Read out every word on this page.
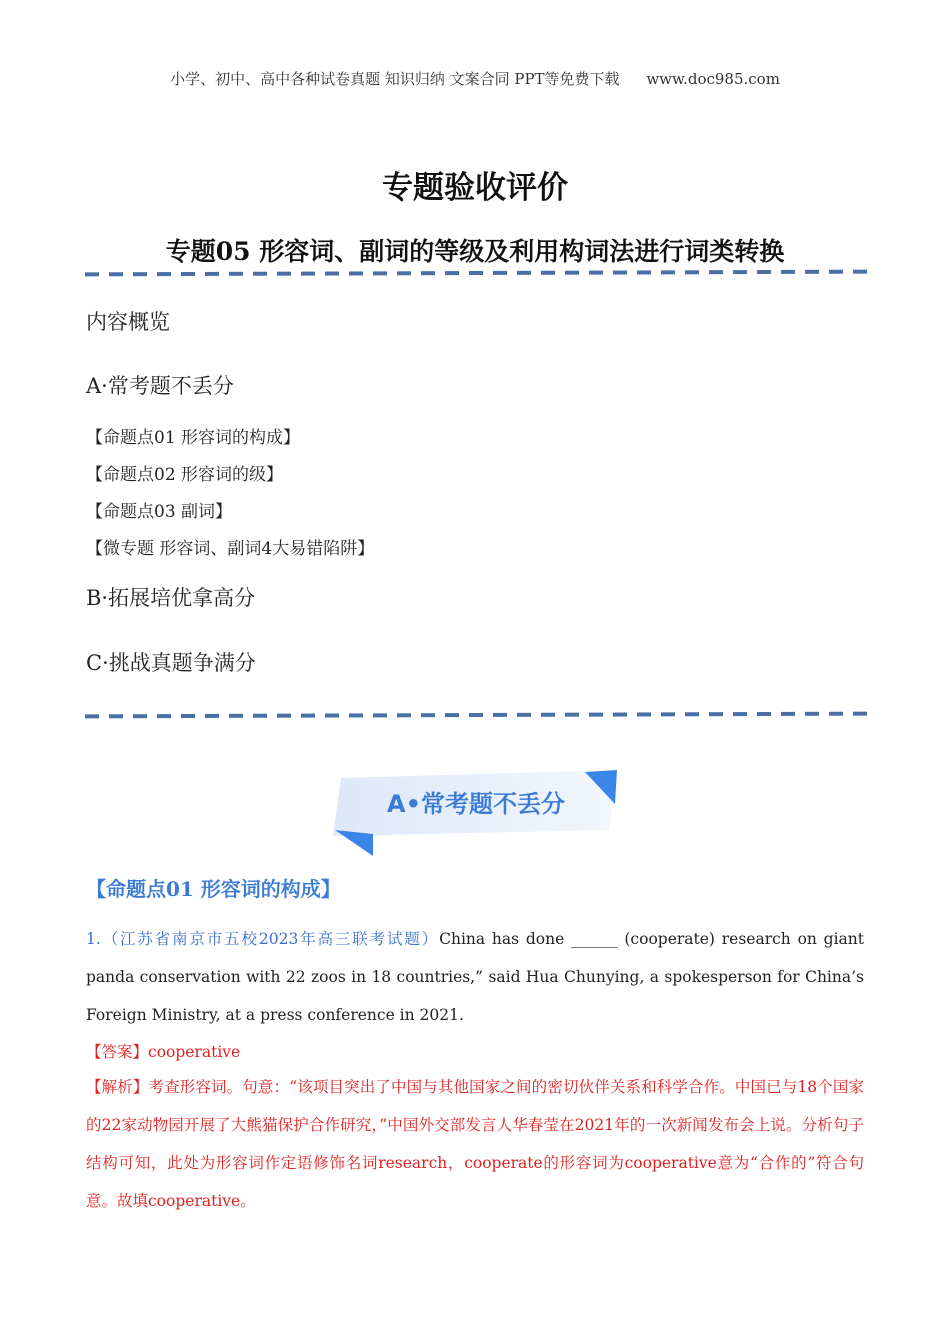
小学、初中、高中各种试卷真题 知识归纳 文案合同 PPT等免费下载 www.doc985.com
专题验收评价
专题05 形容词、副词的等级及利用构词法进行词类转换
内容概览
A·常考题不丢分
【命题点01 形容词的构成】
【命题点02 形容词的级】
【命题点03 副词】
【微专题 形容词、副词4大易错陷阱】
B·拓展培优拿高分
C·挑战真题争满分
A•常考题不丢分
【命题点01 形容词的构成】
1.（江苏省南京市五校2023年高三联考试题）China has done ______ (cooperate) research on giant panda conservation with 22 zoos in 18 countries,” said Hua Chunying, a spokesperson for China’s Foreign Ministry, at a press conference in 2021.
【答案】cooperative
【解析】考查形容词。句意：“该项目突出了中国与其他国家之间的密切伙伴关系和科学合作。中国已与18个国家的22家动物园开展了大熊猫保护合作研究，”中国外交部发言人华春莹在2021年的一次新闻发布会上说。分析句子结构可知，此处为形容词作定语修饰名词research，cooperate的形容词为cooperative意为“合作的”符合句意。故填cooperative。
